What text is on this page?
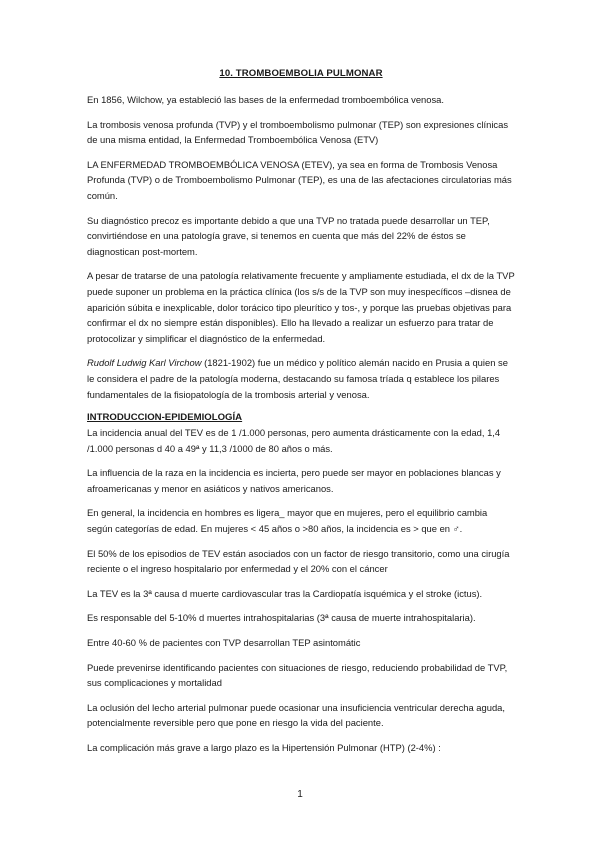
10. TROMBOEMBOLIA PULMONAR

En 1856, Wilchow, ya estableció las bases de la enfermedad tromboembólica venosa.

La trombosis venosa profunda (TVP) y el tromboembolismo pulmonar (TEP) son expresiones clínicas de una misma entidad, la Enfermedad Tromboembólica Venosa (ETV)

LA ENFERMEDAD TROMBOEMBÓLICA VENOSA (ETEV), ya sea en forma de Trombosis Venosa Profunda (TVP) o de Tromboembolismo Pulmonar (TEP), es una de las afectaciones circulatorias más común.

Su diagnóstico precoz es importante debido a que una TVP no tratada puede desarrollar un TEP, convirtiéndose en una patología grave, si tenemos en cuenta que más del 22% de éstos se diagnostican post-mortem.

A pesar de tratarse de una patología relativamente frecuente y ampliamente estudiada, el dx de la TVP puede suponer un problema en la práctica clínica (los s/s de la TVP son muy inespecíficos –disnea de aparición súbita e inexplicable, dolor torácico tipo pleurítico y tos-, y porque las pruebas objetivas para confirmar el dx no siempre están disponibles). Ello ha llevado a realizar un esfuerzo para tratar de protocolizar y simplificar el diagnóstico de la enfermedad.

Rudolf Ludwig Karl Virchow (1821-1902) fue un médico y político alemán nacido en Prusia a quien se le considera el padre de la patología moderna, destacando su famosa tríada q establece los pilares fundamentales de la fisiopatología de la trombosis arterial y venosa.

INTRODUCCION-EPIDEMIOLOGÍA

La incidencia anual del TEV es de 1 /1.000 personas, pero aumenta drásticamente con la edad, 1,4 /1.000 personas d 40 a 49ª y 11,3 /1000 de 80 años o más.

La influencia de la raza en la incidencia es incierta, pero puede ser mayor en poblaciones blancas y afroamericanas y menor en asiáticos y nativos americanos.

En general, la incidencia en hombres es ligera_ mayor que en mujeres, pero el equilibrio cambia según categorías de edad. En mujeres < 45 años o >80 años, la incidencia es > que en ♂.

El 50% de los episodios de TEV están asociados con un factor de riesgo transitorio, como una cirugía reciente o el ingreso hospitalario por enfermedad y el 20% con el cáncer

La TEV es la 3ª causa d muerte cardiovascular tras la Cardiopatía isquémica y el stroke (ictus).

Es responsable del 5-10% d muertes intrahospitalarias (3ª causa de muerte intrahospitalaria).

Entre 40-60 % de pacientes con TVP desarrollan TEP asintomátic

Puede prevenirse identificando pacientes con situaciones de riesgo, reduciendo probabilidad de TVP, sus complicaciones y mortalidad

La oclusión del lecho arterial pulmonar puede ocasionar una insuficiencia ventricular derecha aguda, potencialmente reversible pero que pone en riesgo la vida del paciente.

La complicación más grave a largo plazo es la Hipertensión Pulmonar (HTP) (2-4%) :

1
